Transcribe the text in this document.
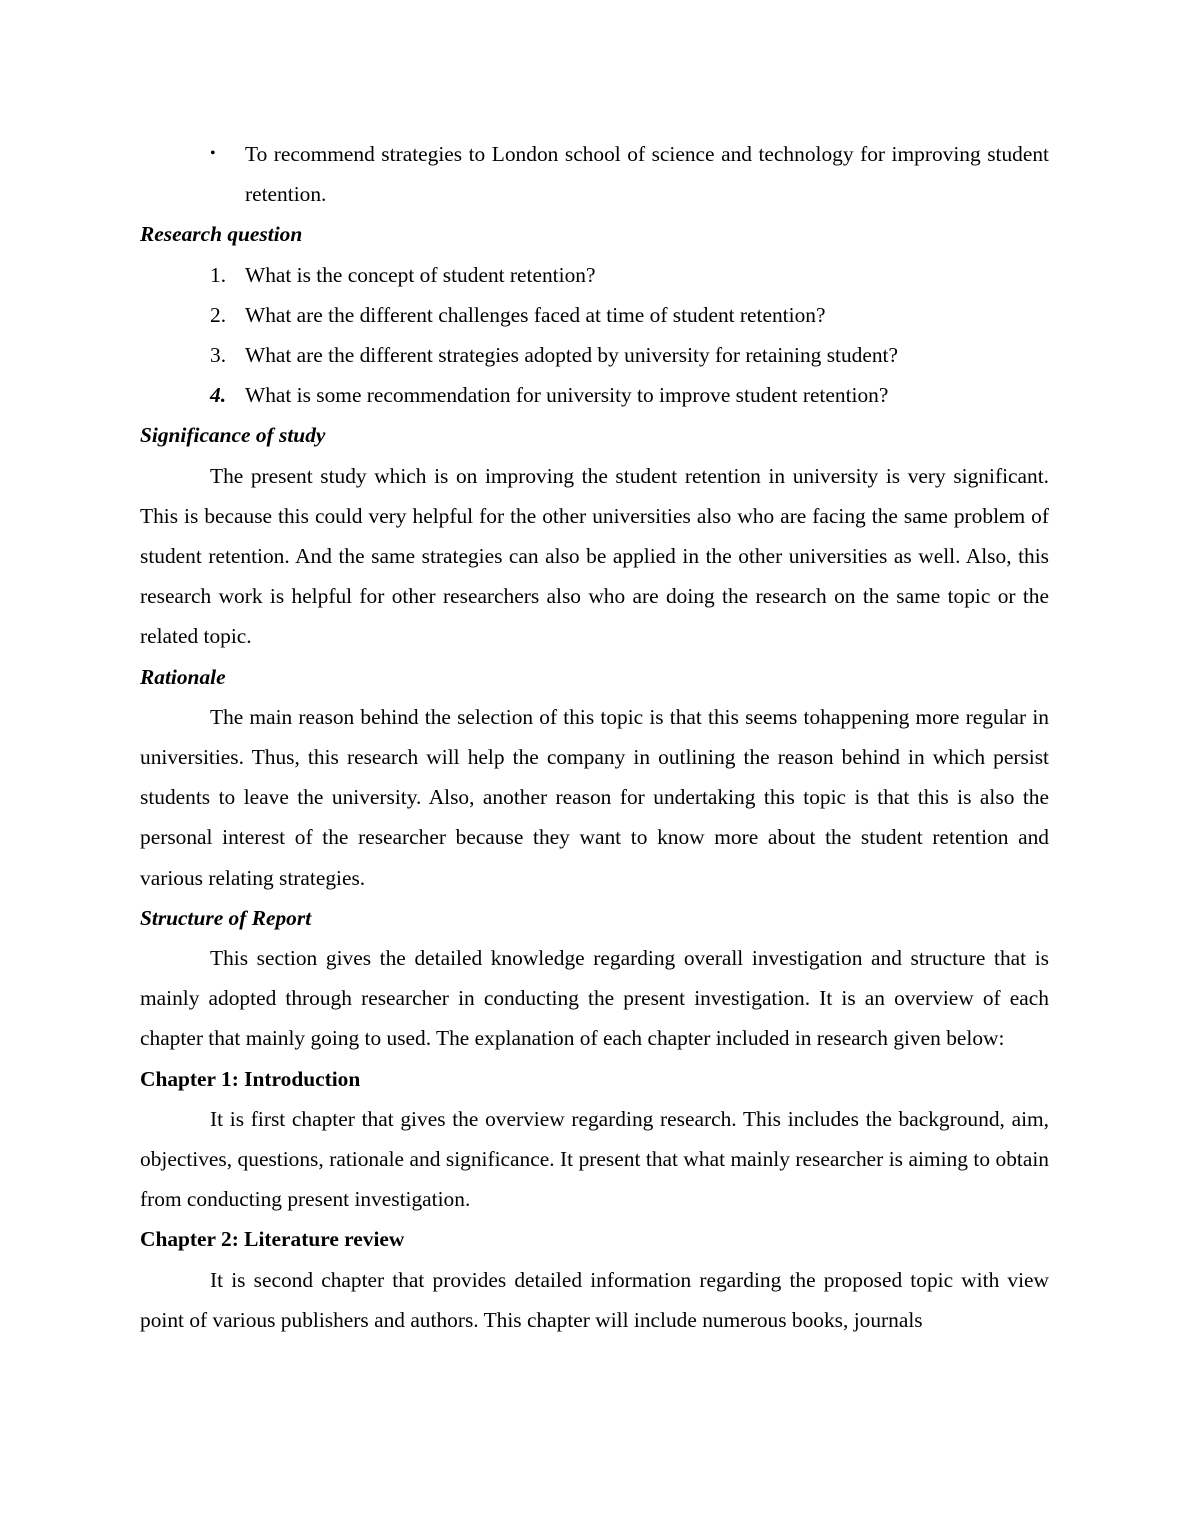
• To recommend strategies to London school of science and technology for improving student retention.
Research question
1. What is the concept of student retention?
2. What are the different challenges faced at time of student retention?
3. What are the different strategies adopted by university for retaining student?
4. What is some recommendation for university to improve student retention?
Significance of study

The present study which is on improving the student retention in university is very significant. This is because this could very helpful for the other universities also who are facing the same problem of student retention. And the same strategies can also be applied in the other universities as well. Also, this research work is helpful for other researchers also who are doing the research on the same topic or the related topic.

Rationale

The main reason behind the selection of this topic is that this seems tohappening more regular in universities. Thus, this research will help the company in outlining the reason behind in which persist students to leave the university. Also, another reason for undertaking this topic is that this is also the personal interest of the researcher because they want to know more about the student retention and various relating strategies.

Structure of Report

This section gives the detailed knowledge regarding overall investigation and structure that is mainly adopted through researcher in conducting the present investigation. It is an overview of each chapter that mainly going to used. The explanation of each chapter included in research given below:

Chapter 1: Introduction

It is first chapter that gives the overview regarding research. This includes the background, aim, objectives, questions, rationale and significance. It present that what mainly researcher is aiming to obtain from conducting present investigation.

Chapter 2: Literature review

It is second chapter that provides detailed information regarding the proposed topic with view point of various publishers and authors. This chapter will include numerous books, journals
